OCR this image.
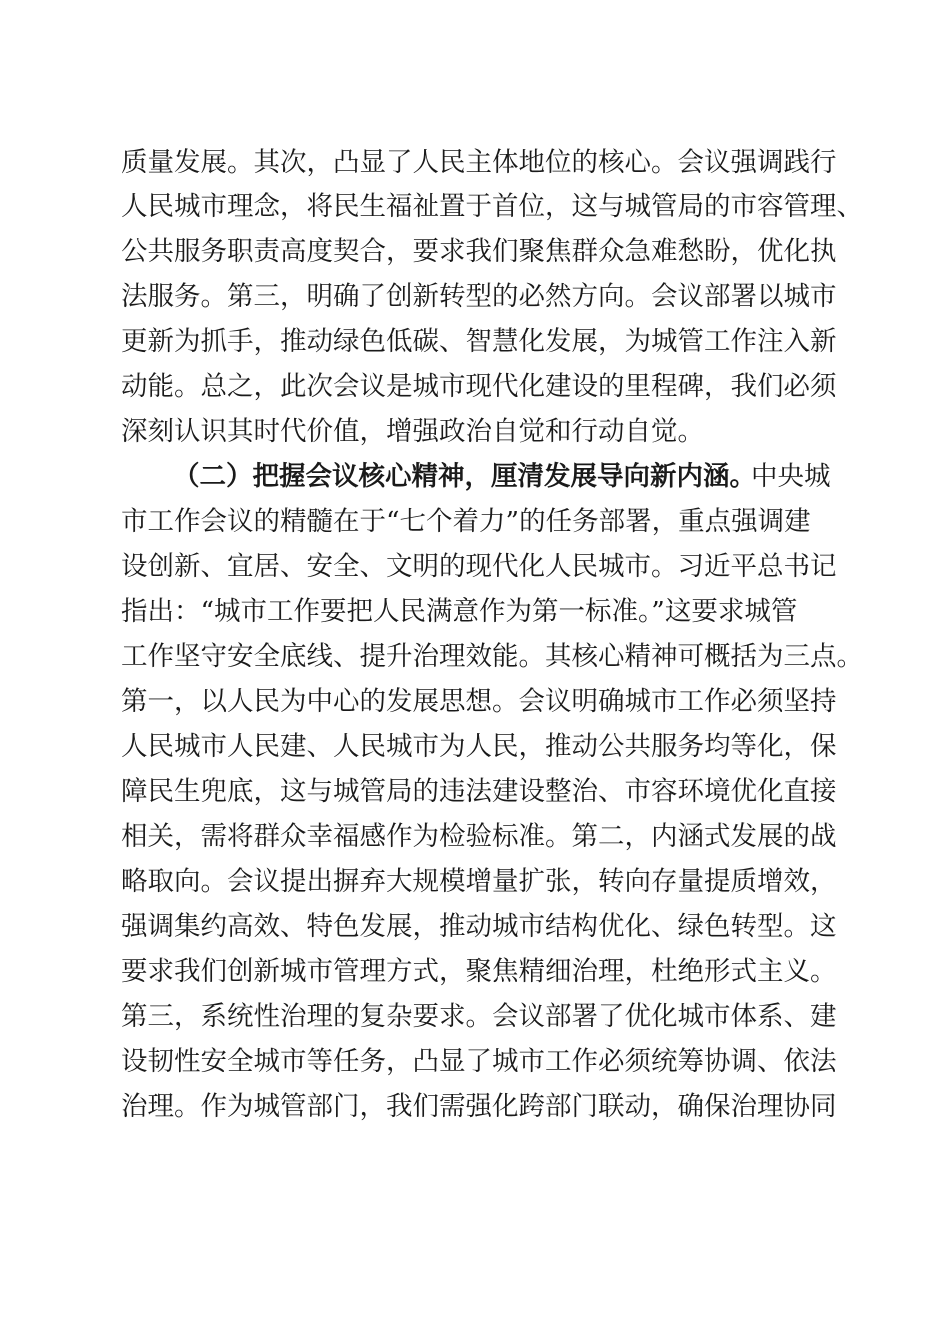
质量发展。其次，凸显了人民主体地位的核心。会议强调践行
人民城市理念，将民生福祉置于首位，这与城管局的市容管理、
公共服务职责高度契合，要求我们聚焦群众急难愁盼，优化执
法服务。第三，明确了创新转型的必然方向。会议部署以城市
更新为抓手，推动绿色低碳、智慧化发展，为城管工作注入新
动能。总之，此次会议是城市现代化建设的里程碑，我们必须
深刻认识其时代价值，增强政治自觉和行动自觉。
（二）把握会议核心精神，厘清发展导向新内涵。
中央城
市工作会议的精髓在于“七个着力”的任务部署，重点强调建
设创新、宜居、安全、文明的现代化人民城市。习近平总书记
指出：“城市工作要把人民满意作为第一标准。”这要求城管
工作坚守安全底线、提升治理效能。其核心精神可概括为三点。
第一，以人民为中心的发展思想。会议明确城市工作必须坚持
人民城市人民建、人民城市为人民，推动公共服务均等化，保
障民生兜底，这与城管局的违法建设整治、市容环境优化直接
相关，需将群众幸福感作为检验标准。第二，内涵式发展的战
略取向。会议提出摒弃大规模增量扩张，转向存量提质增效，
强调集约高效、特色发展，推动城市结构优化、绿色转型。这
要求我们创新城市管理方式，聚焦精细治理，杜绝形式主义。
第三，系统性治理的复杂要求。会议部署了优化城市体系、建
设韧性安全城市等任务，凸显了城市工作必须统筹协调、依法
治理。作为城管部门，我们需强化跨部门联动，确保治理协同
